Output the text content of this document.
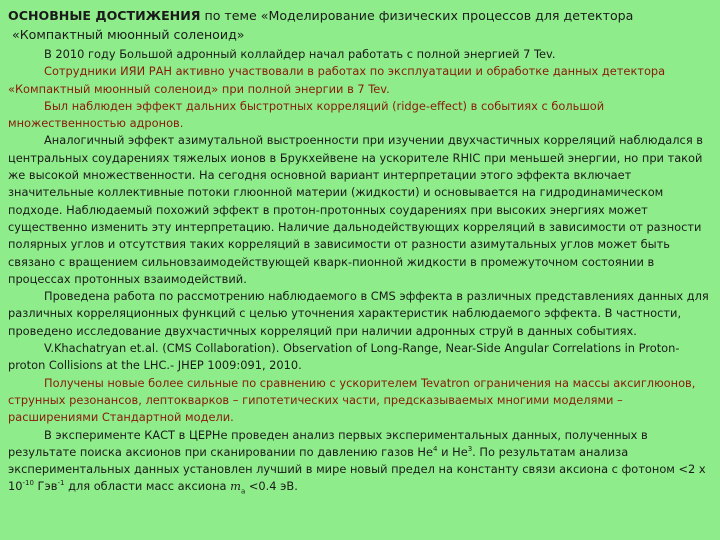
ОСНОВНЫЕ ДОСТИЖЕНИЯ по теме «Моделирование физических процессов для детектора
«Компактный мюонный соленоид»

В 2010 году Большой адронный коллайдер начал работать с полной энергией 7 Tev.

Сотрудники ИЯИ РАН активно участвовали в работах по эксплуатации и обработке данных детектора «Компактный мюонный соленоид» при полной энергии в 7 Tev.

Был наблюден эффект дальних быстротных корреляций (ridge-effect) в событиях с большой множественностью адронов.

Аналогичный эффект азимутальной выстроенности при изучении двухчастичных корреляций наблюдался в центральных соударениях тяжелых ионов в Брукхейвене на ускорителе RHIC при меньшей энергии, но при такой же высокой множественности. На сегодня основной вариант интерпретации этого эффекта включает значительные коллективные потоки глюонной материи (жидкости) и основывается на гидродинамическом подходе. Наблюдаемый похожий эффект в протон-протонных соударениях при высоких энергиях может существенно изменить эту интерпретацию. Наличие дальнодействующих корреляций в зависимости от разности полярных углов и отсутствия таких корреляций в зависимости от разности азимутальных углов может быть связано с вращением сильновзаимодействующей кварк-пионной жидкости в промежуточном состоянии в процессах протонных взаимодействий.

Проведена работа по рассмотрению наблюдаемого в CMS эффекта в различных представлениях данных для различных корреляционных функций с целью уточнения характеристик наблюдаемого эффекта. В частности, проведено исследование двухчастичных корреляций при наличии адронных струй в данных событиях.

V.Khachatryan et.al. (CMS Collaboration). Observation of Long-Range, Near-Side Angular Correlations in Proton-proton Collisions at the LHC.- JHEP 1009:091, 2010.

Получены новые более сильные по сравнению с ускорителем Tevatron ограничения на массы аксиглюонов, струнных резонансов, лептокварков – гипотетических части, предсказываемых многими моделями – расширениями Стандартной модели.

В эксперименте КАСТ в ЦЕРНе проведен анализ первых экспериментальных данных, полученных в результате поиска аксионов при сканировании по давлению газов He$^4$ и He$^3$. По результатам анализа экспериментальных данных установлен лучший в мире новый предел на константу связи аксиона с фотоном <2 x $10^{-10}$ Гэв$^{-1}$ для области масс аксиона $m_a <0.4$ эВ.
